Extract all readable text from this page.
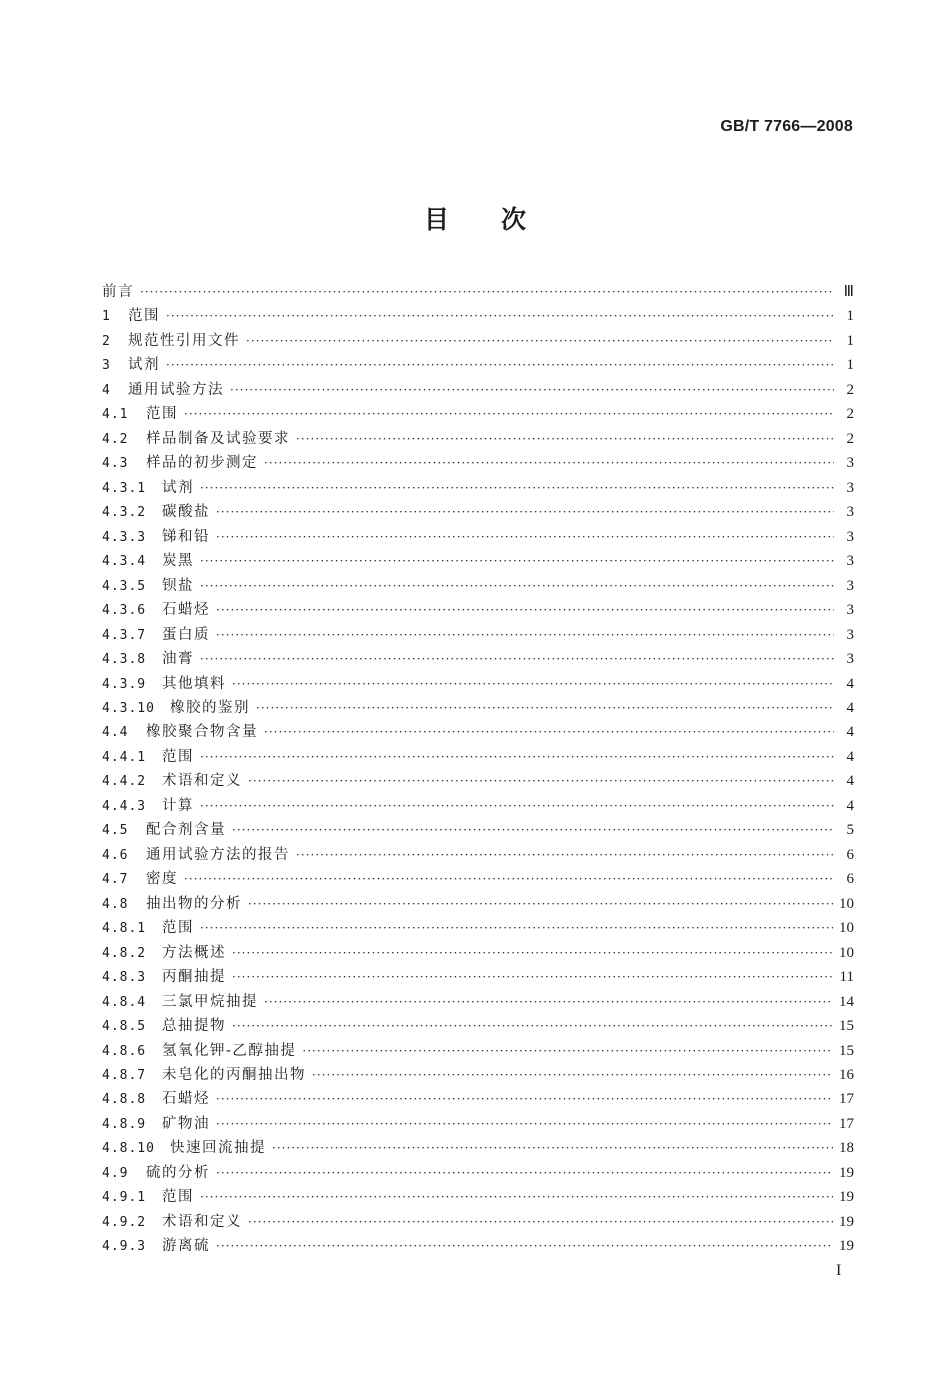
GB/T 7766—2008
目 次
前言 ·····	Ⅲ
1	范围 ·····	1
2	规范性引用文件 ·····	1
3	试剂 ·····	1
4	通用试验方法 ·····	2
4.1	范围 ·····	2
4.2	样品制备及试验要求 ·····	2
4.3	样品的初步测定 ·····	3
4.3.1	试剂 ·····	3
4.3.2	碳酸盐 ·····	3
4.3.3	锑和铅 ·····	3
4.3.4	炭黑 ·····	3
4.3.5	钡盐 ·····	3
4.3.6	石蜡烃 ·····	3
4.3.7	蛋白质 ·····	3
4.3.8	油膏 ·····	3
4.3.9	其他填料 ·····	4
4.3.10	橡胶的鉴别 ·····	4
4.4	橡胶聚合物含量 ·····	4
4.4.1	范围 ·····	4
4.4.2	术语和定义 ·····	4
4.4.3	计算 ·····	4
4.5	配合剂含量 ·····	5
4.6	通用试验方法的报告 ·····	6
4.7	密度 ·····	6
4.8	抽出物的分析 ·····	10
4.8.1	范围 ·····	10
4.8.2	方法概述 ·····	10
4.8.3	丙酮抽提 ·····	11
4.8.4	三氯甲烷抽提 ·····	14
4.8.5	总抽提物 ·····	15
4.8.6	氢氧化钾-乙醇抽提 ·····	15
4.8.7	未皂化的丙酮抽出物 ·····	16
4.8.8	石蜡烃 ·····	17
4.8.9	矿物油 ·····	17
4.8.10	快速回流抽提 ·····	18
4.9	硫的分析 ·····	19
4.9.1	范围 ·····	19
4.9.2	术语和定义 ·····	19
4.9.3	游离硫 ·····	19
I
